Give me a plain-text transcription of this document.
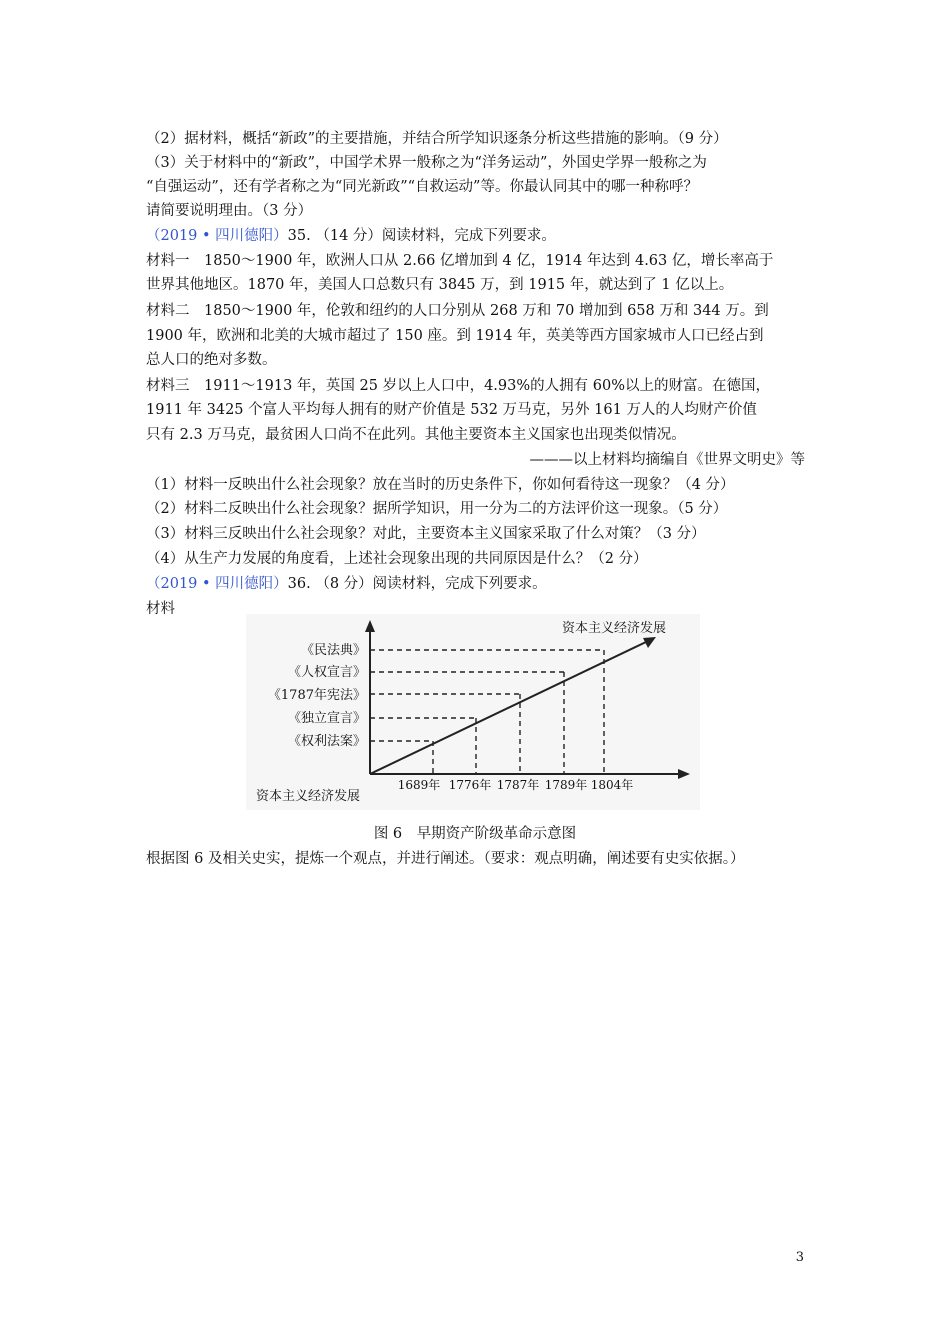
（2）据材料，概括“新政”的主要措施，并结合所学知识逐条分析这些措施的影响。（9 分）
（3）关于材料中的“新政”，中国学术界一般称之为“洋务运动”，外国史学界一般称之为
“自强运动”，还有学者称之为“同光新政”“自救运动”等。你最认同其中的哪一种称呼？
请简要说明理由。（3 分）
（2019 • 四川德阳）35. （14 分）阅读材料，完成下列要求。
材料一　1850～1900 年，欧洲人口从 2.66 亿增加到 4 亿，1914 年达到 4.63 亿，增长率高于
世界其他地区。1870 年，美国人口总数只有 3845 万，到 1915 年，就达到了 1 亿以上。
材料二　1850～1900 年，伦敦和纽约的人口分别从 268 万和 70 增加到 658 万和 344 万。到
1900 年，欧洲和北美的大城市超过了 150 座。到 1914 年，英美等西方国家城市人口已经占到
总人口的绝对多数。
材料三　1911～1913 年，英国 25 岁以上人口中，4.93%的人拥有 60%以上的财富。在德国，
1911 年 3425 个富人平均每人拥有的财产价值是 532 万马克，另外 161 万人的人均财产价值
只有 2.3 万马克，最贫困人口尚不在此列。其他主要资本主义国家也出现类似情况。
———以上材料均摘编自《世界文明史》等
（1）材料一反映出什么社会现象？放在当时的历史条件下，你如何看待这一现象？（4 分）
（2）材料二反映出什么社会现象？据所学知识，用一分为二的方法评价这一现象。（5 分）
（3）材料三反映出什么社会现象？对此，主要资本主义国家采取了什么对策？（3 分）
（4）从生产力发展的角度看，上述社会现象出现的共同原因是什么？（2 分）
（2019 • 四川德阳）36. （8 分）阅读材料，完成下列要求。
材料
资本主义经济发展
《民法典》
《人权宣言》
《1787年宪法》
《独立宣言》
《权利法案》
1689年 1776年 1787年 1789年 1804年
资本主义经济发展
图 6　早期资产阶级革命示意图
根据图 6 及相关史实，提炼一个观点，并进行阐述。（要求：观点明确，阐述要有史实依据。）
3
